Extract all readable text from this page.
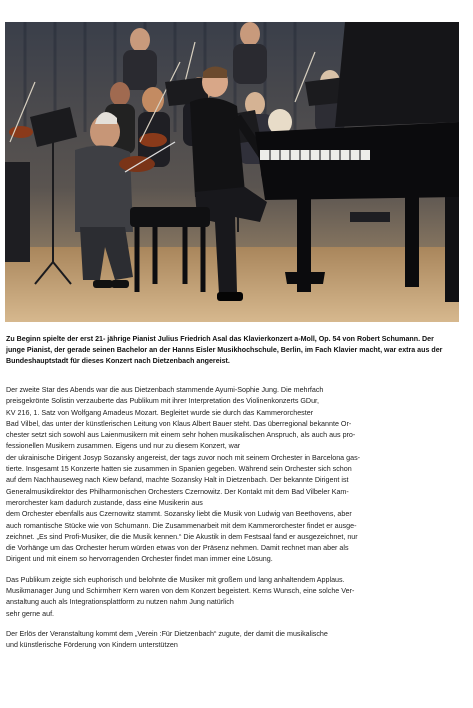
Zu Beginn spielte der erst 21- jährige Pianist Julius Friedrich Asal das Klavierkonzert a-Moll, Op. 54 von Robert Schumann. Der
junge Pianist, der gerade seinen Bachelor an der Hanns Eisler Musikhochschule, Berlin, im Fach Klavier macht, war extra aus der
Bundeshauptstadt für dieses Konzert nach Dietzenbach angereist.

Der zweite Star des Abends war die aus Dietzenbach stammende Ayumi-Sophie Jung. Die mehrfach
preisgekrönte Solistin verzauberte das Publikum mit ihrer Interpretation des Violinenkonzerts GDur,
KV 216, 1. Satz von Wolfgang Amadeus Mozart. Begleitet wurde sie durch das Kammerorchester
Bad Vilbel, das unter der künstlerischen Leitung von Klaus Albert Bauer steht. Das überregional bekannte Or-
chester setzt sich sowohl aus Laienmusikern mit einem sehr hohen musikalischen Anspruch, als auch aus pro-
fessionellen Musikern zusammen. Eigens und nur zu diesem Konzert, war
der ukrainische Dirigent Josyp Sozansky angereist, der tags zuvor noch mit seinem Orchester in Barcelona gas-
tierte. Insgesamt 15 Konzerte hatten sie zusammen in Spanien gegeben. Während sein Orchester sich schon
auf dem Nachhauseweg nach Kiew befand, machte Sozansky Halt in Dietzenbach. Der bekannte Dirigent ist
Generalmusikdirektor des Philharmonischen Orchesters Czernowitz. Der Kontakt mit dem Bad Vilbeler Kam-
merorchester kam dadurch zustande, dass eine Musikerin aus
dem Orchester ebenfalls aus Czernowitz stammt. Sozansky liebt die Musik von Ludwig van Beethovens, aber
auch romantische Stücke wie von Schumann. Die Zusammenarbeit mit dem Kammerorchester findet er ausge-
zeichnet. „Es sind Profi-Musiker, die die Musik kennen.“ Die Akustik in dem Festsaal fand er ausgezeichnet, nur
die Vorhänge um das Orchester herum würden etwas von der Präsenz nehmen. Damit rechnet man aber als
Dirigent und mit einem so hervorragenden Orchester findet man immer eine Lösung.

Das Publikum zeigte sich euphorisch und belohnte die Musiker mit großem und lang anhaltendem Applaus.
Musikmanager Jung und Schirmherr Kern waren von dem Konzert begeistert. Kerns Wunsch, eine solche Ver-
anstaltung auch als Integrationsplattform zu nutzen nahm Jung natürlich
sehr gerne auf.

Der Erlös der Veranstaltung kommt dem „Verein :Für Dietzenbach“ zugute, der damit die musikalische
und künstlerische Förderung von Kindern unterstützen
